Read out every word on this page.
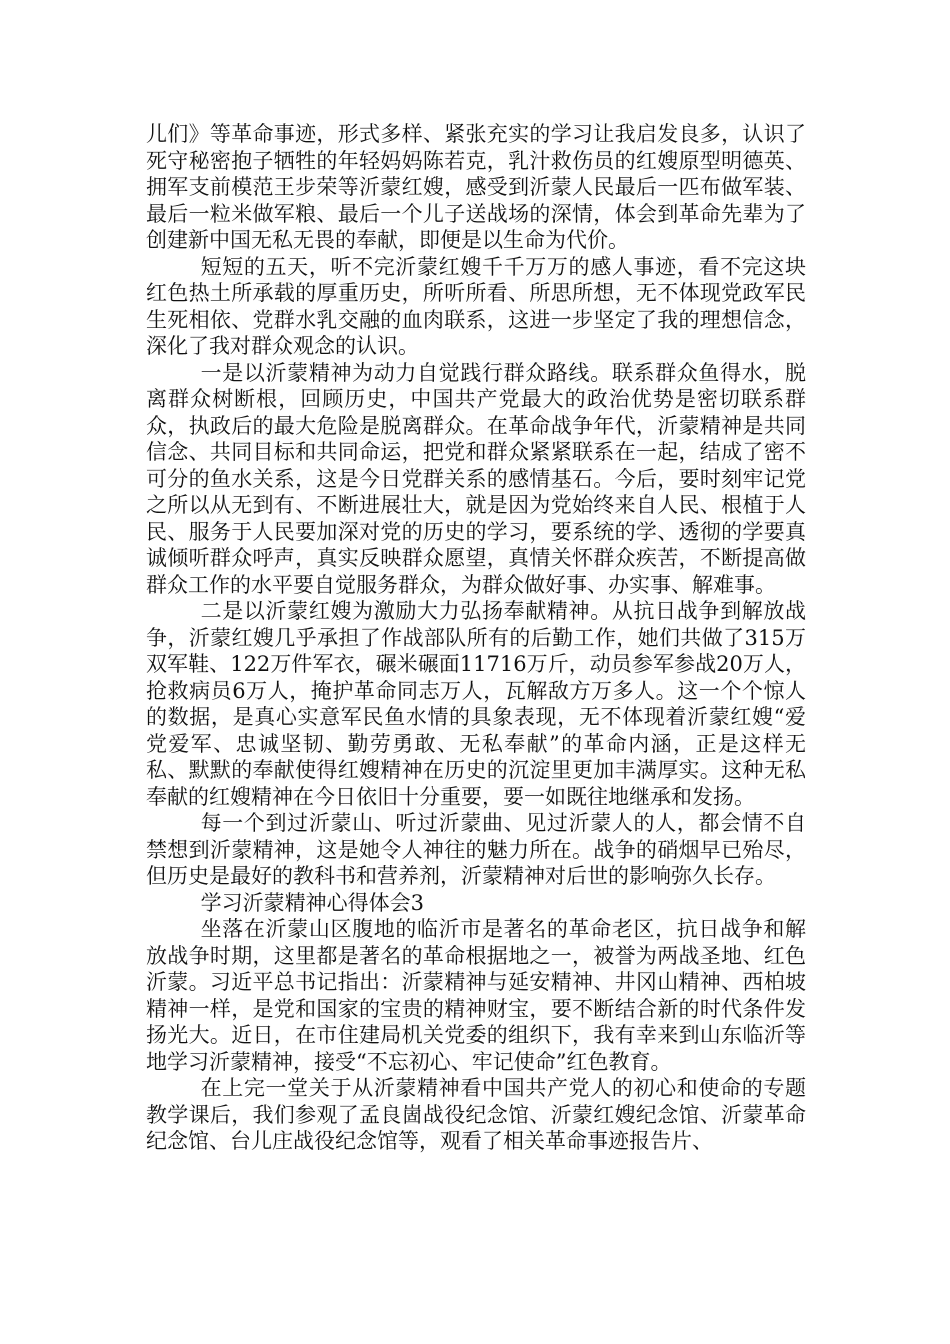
儿们》等革命事迹，形式多样、紧张充实的学习让我启发良多，认识了死守秘密抱子牺牲的年轻妈妈陈若克，乳汁救伤员的红嫂原型明德英、拥军支前模范王步荣等沂蒙红嫂，感受到沂蒙人民最后一匹布做军装、最后一粒米做军粮、最后一个儿子送战场的深情，体会到革命先辈为了创建新中国无私无畏的奉献，即便是以生命为代价。

短短的五天，听不完沂蒙红嫂千千万万的感人事迹，看不完这块红色热土所承载的厚重历史，所听所看、所思所想，无不体现党政军民生死相依、党群水乳交融的血肉联系，这进一步坚定了我的理想信念，深化了我对群众观念的认识。

一是以沂蒙精神为动力自觉践行群众路线。联系群众鱼得水，脱离群众树断根，回顾历史，中国共产党最大的政治优势是密切联系群众，执政后的最大危险是脱离群众。在革命战争年代，沂蒙精神是共同信念、共同目标和共同命运，把党和群众紧紧联系在一起，结成了密不可分的鱼水关系，这是今日党群关系的感情基石。今后，要时刻牢记党之所以从无到有、不断进展壮大，就是因为党始终来自人民、根植于人民、服务于人民要加深对党的历史的学习，要系统的学、透彻的学要真诚倾听群众呼声，真实反映群众愿望，真情关怀群众疾苦，不断提高做群众工作的水平要自觉服务群众，为群众做好事、办实事、解难事。

二是以沂蒙红嫂为激励大力弘扬奉献精神。从抗日战争到解放战争，沂蒙红嫂几乎承担了作战部队所有的后勤工作，她们共做了315万双军鞋、122万件军衣，碾米碾面11716万斤，动员参军参战20万人，抢救病员6万人，掩护革命同志万人，瓦解敌方万多人。这一个个惊人的数据，是真心实意军民鱼水情的具象表现，无不体现着沂蒙红嫂“爱党爱军、忠诚坚韧、勤劳勇敢、无私奉献”的革命内涵，正是这样无私、默默的奉献使得红嫂精神在历史的沉淀里更加丰满厚实。这种无私奉献的红嫂精神在今日依旧十分重要，要一如既往地继承和发扬。

每一个到过沂蒙山、听过沂蒙曲、见过沂蒙人的人，都会情不自禁想到沂蒙精神，这是她令人神往的魅力所在。战争的硝烟早已殆尽，但历史是最好的教科书和营养剂，沂蒙精神对后世的影响弥久长存。

学习沂蒙精神心得体会3

坐落在沂蒙山区腹地的临沂市是著名的革命老区，抗日战争和解放战争时期，这里都是著名的革命根据地之一，被誉为两战圣地、红色沂蒙。习近平总书记指出：沂蒙精神与延安精神、井冈山精神、西柏坡精神一样，是党和国家的宝贵的精神财宝，要不断结合新的时代条件发扬光大。近日，在市住建局机关党委的组织下，我有幸来到山东临沂等地学习沂蒙精神，接受“不忘初心、牢记使命”红色教育。

在上完一堂关于从沂蒙精神看中国共产党人的初心和使命的专题教学课后，我们参观了孟良崮战役纪念馆、沂蒙红嫂纪念馆、沂蒙革命纪念馆、台儿庄战役纪念馆等，观看了相关革命事迹报告片、
